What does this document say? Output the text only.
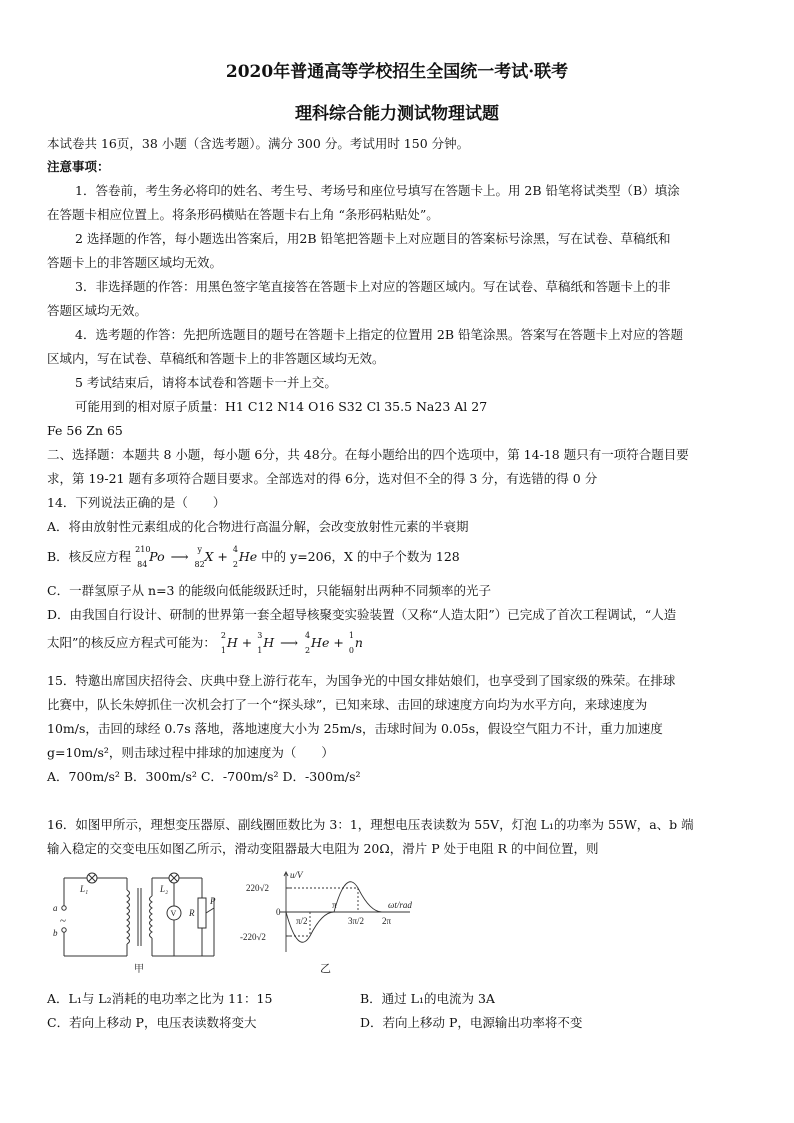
2020年普通高等学校招生全国统一考试·联考
理科综合能力测试物理试题
本试卷共 16页，38 小题（含选考题）。满分 300 分。考试用时 150 分钟。
注意事项：
1．答卷前，考生务必将印的姓名、考生号、考场号和座位号填写在答题卡上。用 2B 铅笔将试类型（B）填涂
在答题卡相应位置上。将条形码横贴在答题卡右上角 “条形码粘贴处”。
2 选择题的作答，每小题选出答案后，用2B 铅笔把答题卡上对应题目的答案标号涂黑，写在试卷、草稿纸和
答题卡上的非答题区域均无效。
3．非选择题的作答：用黑色签字笔直接答在答题卡上对应的答题区域内。写在试卷、草稿纸和答题卡上的非
答题区域均无效。
4．选考题的作答：先把所选题目的题号在答题卡上指定的位置用 2B 铅笔涂黑。答案写在答题卡上对应的答题
区域内，写在试卷、草稿纸和答题卡上的非答题区域均无效。
5 考试结束后，请将本试卷和答题卡一并上交。
可能用到的相对原子质量：H1 C12 N14 O16 S32 Cl 35.5 Na23 Al 27
Fe 56 Zn 65
二、选择题：本题共 8 小题，每小题 6分，共 48分。在每小题给出的四个选项中，第 14-18 题只有一项符合题目要
求，第 19-21 题有多项符合题目要求。全部选对的得 6分，选对但不全的得 3 分，有选错的得 0 分
14．下列说法正确的是（　　）
A．将由放射性元素组成的化合物进行高温分解，会改变放射性元素的半衰期
B．核反应方程 210
84
Po ⟶ y
82
X + 4
2
He 中的 y=206，X 的中子个数为 128
C．一群氢原子从 n=3 的能级向低能级跃迁时，只能辐射出两种不同频率的光子
D．由我国自行设计、研制的世界第一套全超导核聚变实验装置（又称“人造太阳”）已完成了首次工程调试，“人造
太阳”的核反应方程式可能为： 2
1
H + 3
1
H ⟶ 4
2
He + 1
0
n
15．特邀出席国庆招待会、庆典中登上游行花车，为国争光的中国女排姑娘们，也享受到了国家级的殊荣。在排球
比赛中，队长朱婷抓住一次机会打了一个“探头球”，已知来球、击回的球速度方向均为水平方向，来球速度为
10m/s，击回的球经 0.7s 落地，落地速度大小为 25m/s，击球时间为 0.05s，假设空气阻力不计，重力加速度
g=10m/s²，则击球过程中排球的加速度为（　　）
A．700m/s² B．300m/s² C．-700m/s² D．-300m/s²
16．如图甲所示，理想变压器原、副线圈匝数比为 3：1，理想电压表读数为 55V，灯泡 L₁的功率为 55W，a、b 端
输入稳定的交变电压如图乙所示，滑动变阻器最大电阻为 20Ω，滑片 P 处于电阻 R 的中间位置，则
L₁	L₂
a
b
R
P
V
~
甲
u/V
220√2
0
-220√2
π/2
π
3π/2 2π
ωt/rad
乙
A．L₁与 L₂消耗的电功率之比为 11：15	B．通过 L₁的电流为 3A
C．若向上移动 P，电压表读数将变大	D．若向上移动 P，电源输出功率将不变
